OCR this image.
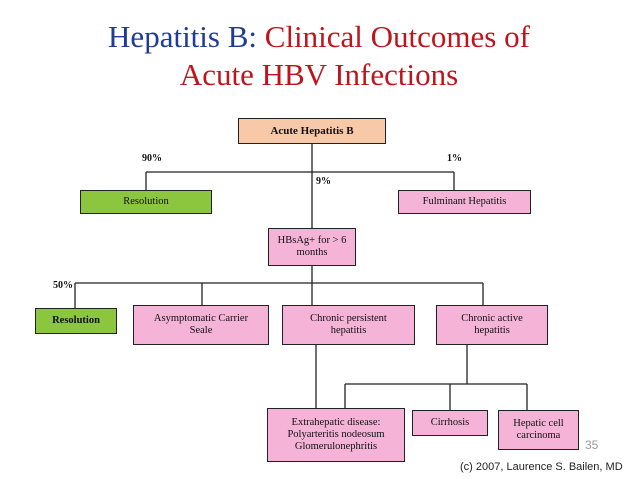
Hepatitis B: Clinical Outcomes of
Acute HBV Infections
Acute Hepatitis B
90%
9%
1%
Resolution	Fulminant Hepatitis
HBsAg+ for > 6 months
50%
Resolution	Asymptomatic Carrier Seale
Chronic persistent hepatitis
Chronic active hepatitis
Extrahepatic disease: Polyarteritis nodeosum Glomerulonephritis
Cirrhosis	Hepatic cell carcinoma
35
(c) 2007, Laurence S. Bailen, MD
